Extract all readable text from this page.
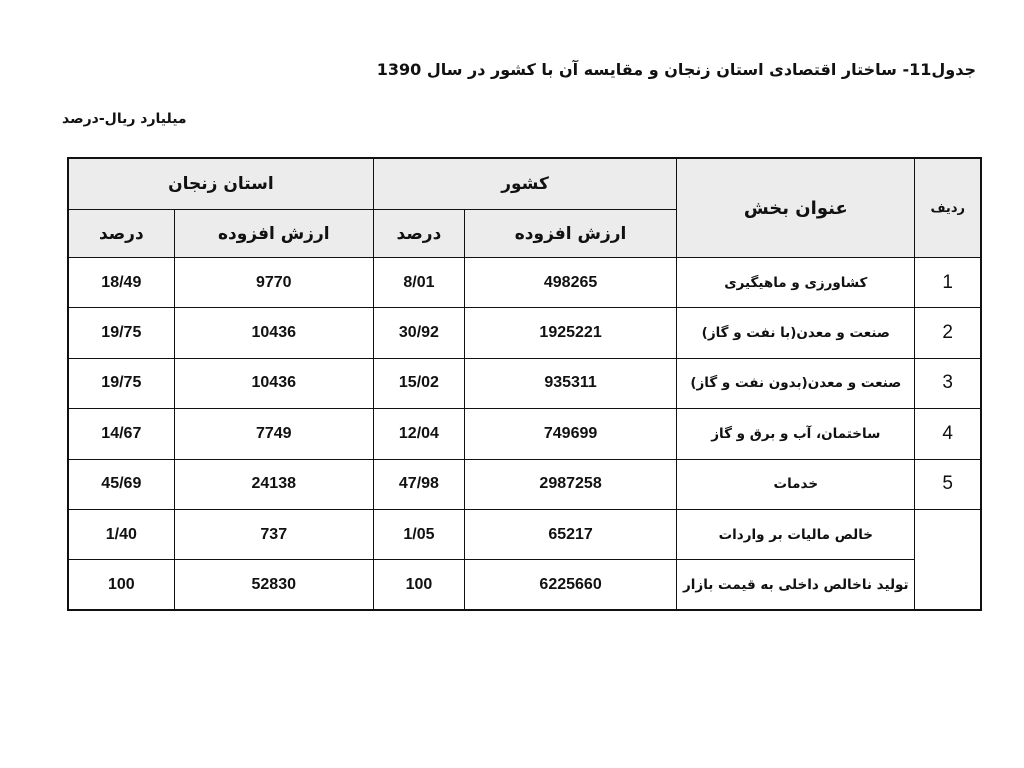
جدول11- ساختار اقتصادی استان زنجان و مقایسه آن با کشور در سال 1390
میلیارد ریال-درصد
ردیف	عنوان بخش	کشور		استان زنجان	
		ارزش افزوده	درصد	ارزش افزوده	درصد
1	کشاورزی و ماهیگیری	498265	8/01	9770	18/49
2	صنعت و معدن(با نفت و گاز)	1925221	30/92	10436	19/75
3	صنعت و معدن(بدون نفت و گاز)	935311	15/02	10436	19/75
4	ساختمان، آب و برق و گاز	749699	12/04	7749	14/67
5	خدمات	2987258	47/98	24138	45/69
	خالص مالیات بر واردات	65217	1/05	737	1/40
	تولید ناخالص داخلی به قیمت بازار	6225660	100	52830	100
